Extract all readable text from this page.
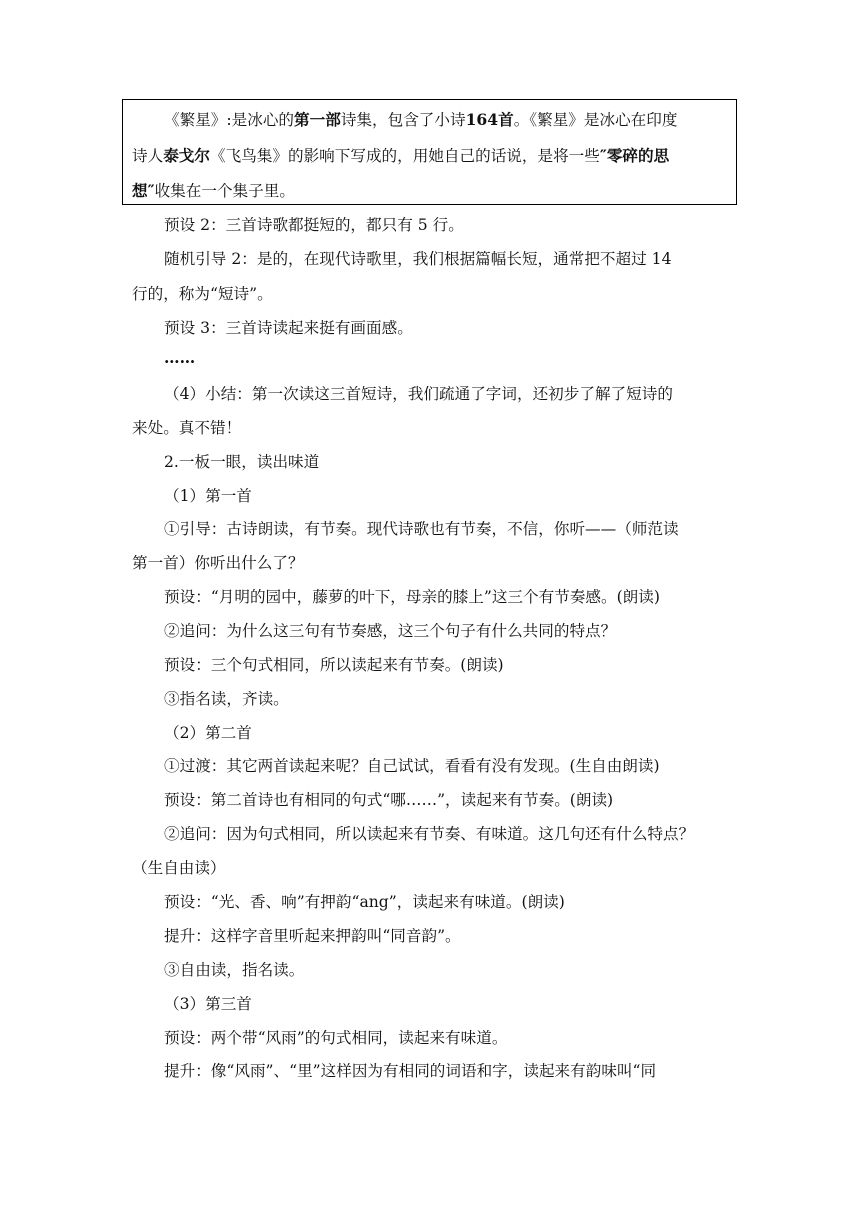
《繁星》:是冰心的第一部诗集，包含了小诗164首。《繁星》是冰心在印度
诗人泰戈尔《飞鸟集》的影响下写成的，用她自己的话说，是将一些″零碎的思
想″收集在一个集子里。
预设 2：三首诗歌都挺短的，都只有 5 行。
随机引导 2：是的，在现代诗歌里，我们根据篇幅长短，通常把不超过 14
行的，称为“短诗”。
预设 3：三首诗读起来挺有画面感。
……
（4）小结：第一次读这三首短诗，我们疏通了字词，还初步了解了短诗的
来处。真不错！
2.一板一眼，读出味道
（1）第一首
①引导：古诗朗读，有节奏。现代诗歌也有节奏，不信，你听——（师范读
第一首）你听出什么了？
预设：“月明的园中，藤萝的叶下，母亲的膝上”这三个有节奏感。(朗读)
②追问：为什么这三句有节奏感，这三个句子有什么共同的特点？
预设：三个句式相同，所以读起来有节奏。(朗读)
③指名读，齐读。
（2）第二首
①过渡：其它两首读起来呢？自己试试，看看有没有发现。(生自由朗读)
预设：第二首诗也有相同的句式“哪……”，读起来有节奏。(朗读)
②追问：因为句式相同，所以读起来有节奏、有味道。这几句还有什么特点？
（生自由读）
预设：“光、香、响”有押韵“ang”，读起来有味道。(朗读)
提升：这样字音里听起来押韵叫“同音韵”。
③自由读，指名读。
（3）第三首
预设：两个带“风雨”的句式相同，读起来有味道。
提升：像“风雨”、“里”这样因为有相同的词语和字，读起来有韵味叫“同
